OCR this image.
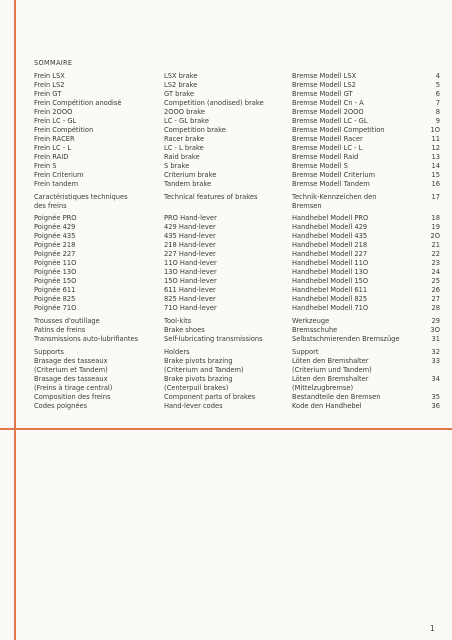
SOMMAIRE
Frein LSX	LSX brake	Bremse Modell LSX	4
Frein LS2	LS2 brake	Bremse Modell LS2	5
Frein GT	GT brake	Bremse Modell GT	6
Frein Compétition anodisé	Competition (anodised) brake	Bremse Modell Cn - A	7
Frein 2OOO	2OOO brake	Bremse Modell 2OOO	8
Frein LC - GL	LC - GL brake	Bremse Modell LC - GL	9
Frein Compétition	Competition brake	Bremse Modell Competition	1O
Frein RACER	Racer brake	Bremse Modell Racer	11
Frein LC - L	LC - L brake	Bremse Modell LC - L	12
Frein RAID	Raid brake	Bremse Modell Raid	13
Frein S	S brake	Bremse Modell S	14
Frein Criterium	Criterium brake	Bremse Modell Criterium	15
Frein tandem	Tandem brake	Bremse Modell Tandem	16
Caractéristiques techniques	Technical features of brakes	Technik-Kennzeichen den	17
des freins	Bremsen
Poignée PRO	PRO Hand-lever	Handhebel Modell PRO	18
Poignée 429	429 Hand-lever	Handhebel Modell 429	19
Poignée 435	435 Hand-lever	Handhebel Modell 435	2O
Poignée 218	218 Hand-lever	Handhebel Modell 218	21
Poignée 227	227 Hand-lever	Handhebel Modell 227	22
Poignée 11O	11O Hand-lever	Handhebel Modell 11O	23
Poignée 13O	13O Hand-lever	Handhebel Modell 13O	24
Poignée 15O	15O Hand-lever	Handhebel Modell 15O	25
Poignée 611	611 Hand-lever	Handhebel Modell 611	26
Poignée 825	825 Hand-lever	Handhebel Modell 825	27
Poignée 71O	71O Hand-lever	Handhebel Modell 71O	28
Trousses d'outillage	Tool-kits	Werkzeuge	29
Patins de freins	Brake shoes	Bremsschuhe	3O
Transmissions auto-lubrifiantes	Self-lubricating transmissions	Selbstschmierenden Bremszüge	31
Supports	Holders	Support	32
Brasage des tasseaux	Brake pivots brazing	Löten den Bremshalter	33
(Criterium et Tandem)	(Criterium and Tandem)	(Criterium und Tandem)
Brasage des tasseaux	Brake pivots brazing	Löten den Bremshalter	34
(Freins à tirage central)	(Centerpull brakes)	(Mittelzugbremse)
Composition des freins	Component parts of brakes	Bestandteile den Bremsen	35
Codes poignées	Hand-lever codes	Kode den Handhebel	36
1
